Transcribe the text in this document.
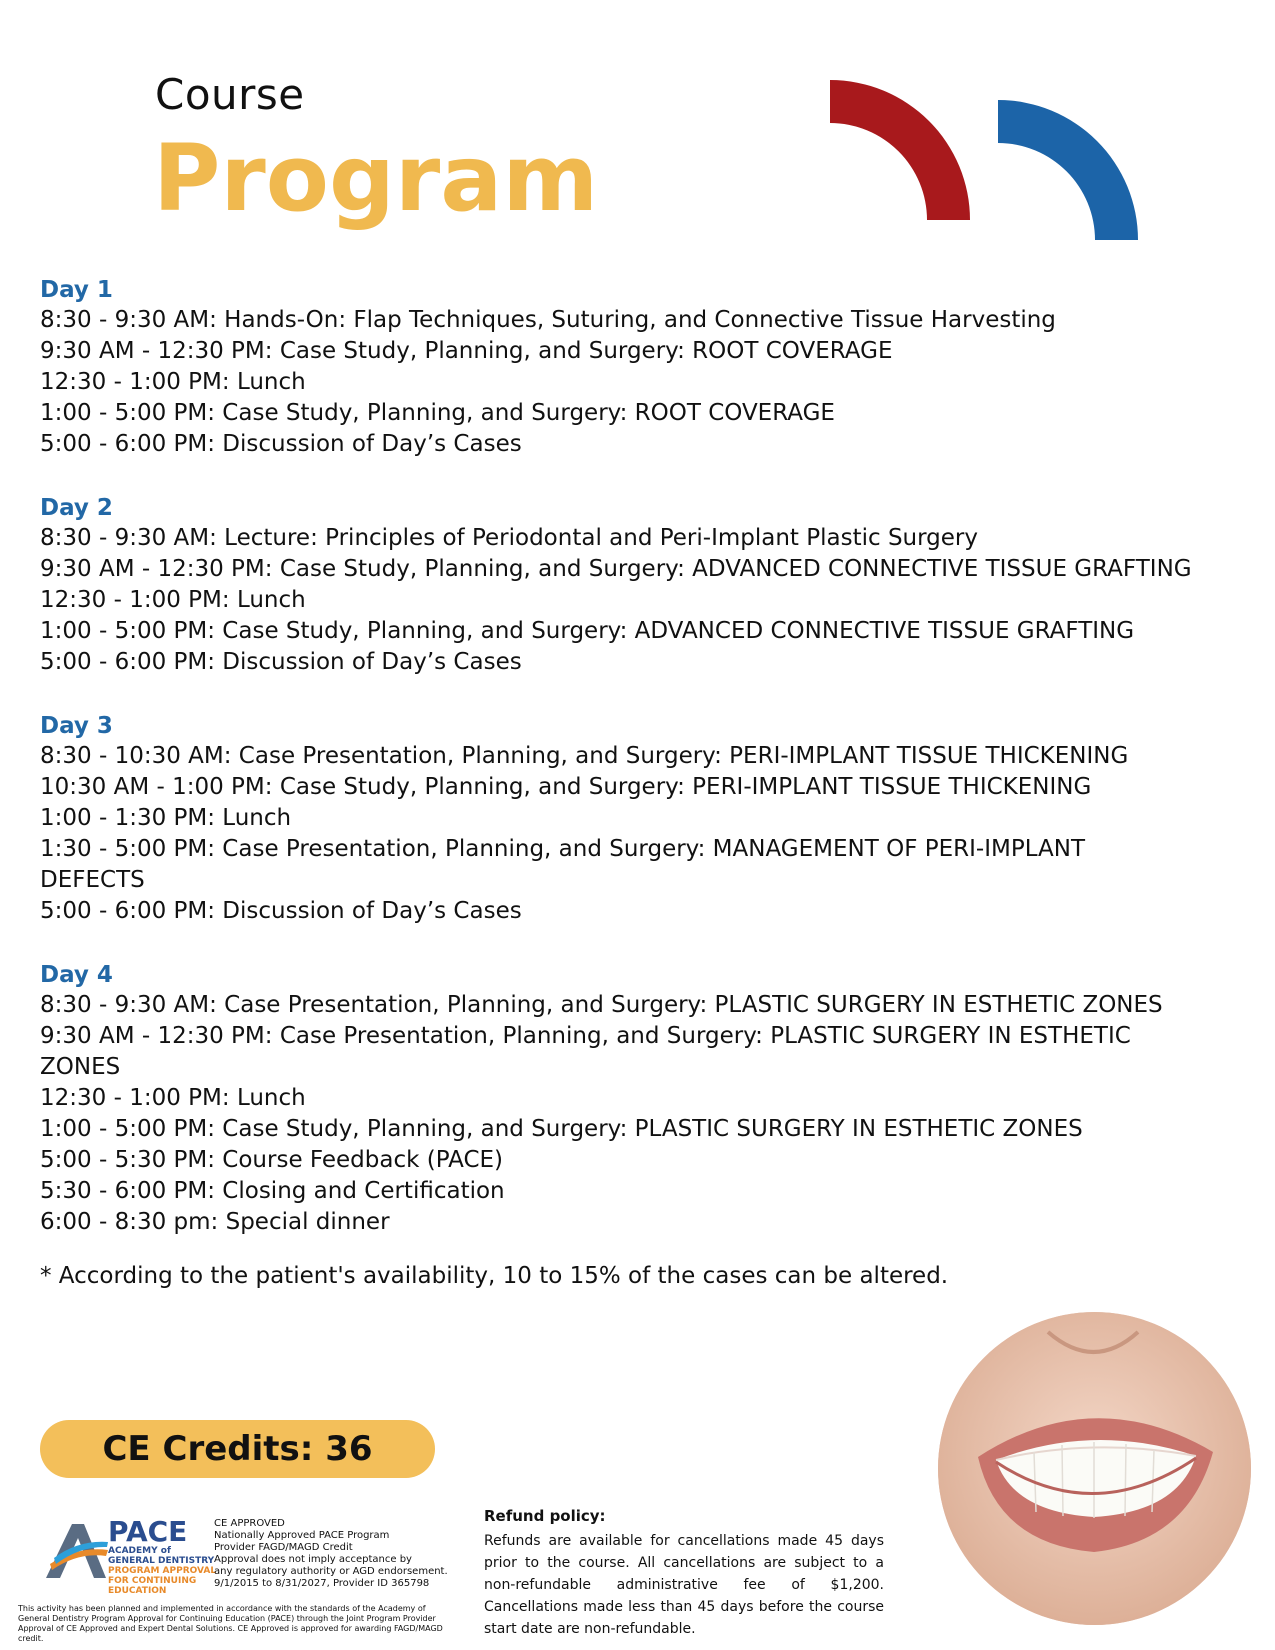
Course
Program
Day 1
8:30 - 9:30 AM: Hands-On: Flap Techniques, Suturing, and Connective Tissue Harvesting
9:30 AM - 12:30 PM: Case Study, Planning, and Surgery: ROOT COVERAGE
12:30 - 1:00 PM: Lunch
1:00 - 5:00 PM: Case Study, Planning, and Surgery: ROOT COVERAGE
5:00 - 6:00 PM: Discussion of Day’s Cases
Day 2
8:30 - 9:30 AM: Lecture: Principles of Periodontal and Peri-Implant Plastic Surgery
9:30 AM - 12:30 PM: Case Study, Planning, and Surgery: ADVANCED CONNECTIVE TISSUE GRAFTING
12:30 - 1:00 PM: Lunch
1:00 - 5:00 PM: Case Study, Planning, and Surgery: ADVANCED CONNECTIVE TISSUE GRAFTING
5:00 - 6:00 PM: Discussion of Day’s Cases
Day 3
8:30 - 10:30 AM: Case Presentation, Planning, and Surgery: PERI-IMPLANT TISSUE THICKENING
10:30 AM - 1:00 PM: Case Study, Planning, and Surgery: PERI-IMPLANT TISSUE THICKENING
1:00 - 1:30 PM: Lunch
1:30 - 5:00 PM: Case Presentation, Planning, and Surgery: MANAGEMENT OF PERI-IMPLANT
DEFECTS
5:00 - 6:00 PM: Discussion of Day’s Cases
Day 4
8:30 - 9:30 AM: Case Presentation, Planning, and Surgery: PLASTIC SURGERY IN ESTHETIC ZONES
9:30 AM - 12:30 PM: Case Presentation, Planning, and Surgery: PLASTIC SURGERY IN ESTHETIC
ZONES
12:30 - 1:00 PM: Lunch
1:00 - 5:00 PM: Case Study, Planning, and Surgery: PLASTIC SURGERY IN ESTHETIC ZONES
5:00 - 5:30 PM: Course Feedback (PACE)
5:30 - 6:00 PM: Closing and Certification
6:00 - 8:30 pm: Special dinner
* According to the patient's availability, 10 to 15% of the cases can be altered.
CE Credits: 36
PACE
ACADEMY of
GENERAL DENTISTRY
PROGRAM APPROVAL
FOR CONTINUING
EDUCATION
CE APPROVED
Nationally Approved PACE Program
Provider FAGD/MAGD Credit
Approval does not imply acceptance by
any regulatory authority or AGD endorsement.
9/1/2015 to 8/31/2027, Provider ID 365798
This activity has been planned and implemented in accordance with the standards of the Academy of General Dentistry Program Approval for Continuing Education (PACE) through the Joint Program Provider Approval of CE Approved and Expert Dental Solutions. CE Approved is approved for awarding FAGD/MAGD credit.
Refund policy:
Refunds are available for cancellations made 45 days prior to the course. All cancellations are subject to a non-refundable administrative fee of $1,200. Cancellations made less than 45 days before the course start date are non-refundable.
